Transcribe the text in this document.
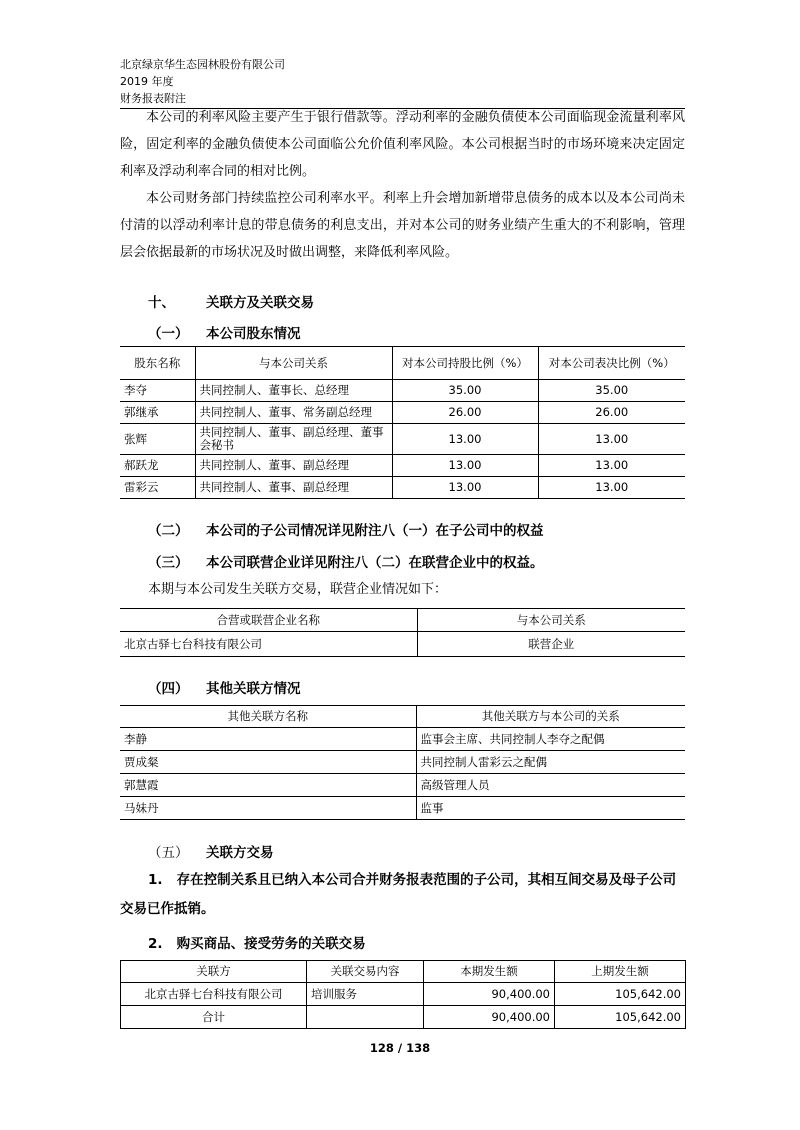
北京绿京华生态园林股份有限公司
2019 年度
财务报表附注
本公司的利率风险主要产生于银行借款等。浮动利率的金融负债使本公司面临现金流量利率风险，固定利率的金融负债使本公司面临公允价值利率风险。本公司根据当时的市场环境来决定固定利率及浮动利率合同的相对比例。
本公司财务部门持续监控公司利率水平。利率上升会增加新增带息债务的成本以及本公司尚未付清的以浮动利率计息的带息债务的利息支出，并对本公司的财务业绩产生重大的不利影响，管理层会依据最新的市场状况及时做出调整，来降低利率风险。
十、 关联方及关联交易
（一） 本公司股东情况
股东名称	与本公司关系	对本公司持股比例（%）	对本公司表决比例（%）
李夺	共同控制人、董事长、总经理	35.00	35.00
郭继承	共同控制人、董事、常务副总经理	26.00	26.00
张辉	共同控制人、董事、副总经理、董事会秘书	13.00	13.00
郝跃龙	共同控制人、董事、副总经理	13.00	13.00
雷彩云	共同控制人、董事、副总经理	13.00	13.00
（二） 本公司的子公司情况详见附注八（一）在子公司中的权益
（三） 本公司联营企业详见附注八（二）在联营企业中的权益。
本期与本公司发生关联方交易，联营企业情况如下：
合营或联营企业名称	与本公司关系
北京古驿七台科技有限公司	联营企业
（四） 其他关联方情况
其他关联方名称	其他关联方与本公司的关系
李静	监事会主席、共同控制人李夺之配偶
贾成粲	共同控制人雷彩云之配偶
郭慧霞	高级管理人员
马妹丹	监事
（五） 关联方交易
1. 存在控制关系且已纳入本公司合并财务报表范围的子公司，其相互间交易及母子公司交易已作抵销。
2. 购买商品、接受劳务的关联交易
关联方	关联交易内容	本期发生额	上期发生额
北京古驿七台科技有限公司	培训服务	90,400.00	105,642.00
合计		90,400.00	105,642.00
128 / 138
